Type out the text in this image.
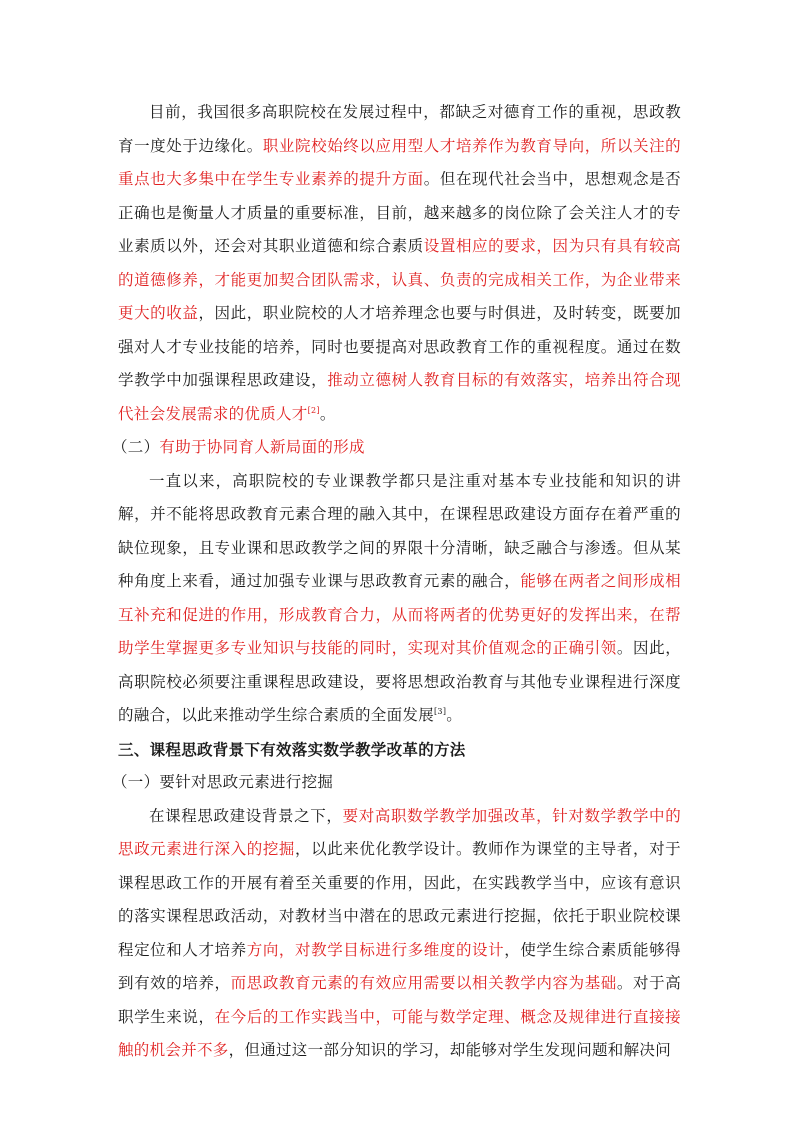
目前，我国很多高职院校在发展过程中，都缺乏对德育工作的重视，思政教育一度处于边缘化。职业院校始终以应用型人才培养作为教育导向，所以关注的重点也大多集中在学生专业素养的提升方面。但在现代社会当中，思想观念是否正确也是衡量人才质量的重要标准，目前，越来越多的岗位除了会关注人才的专业素质以外，还会对其职业道德和综合素质设置相应的要求，因为只有具有较高的道德修养，才能更加契合团队需求，认真、负责的完成相关工作，为企业带来更大的收益，因此，职业院校的人才培养理念也要与时俱进，及时转变，既要加强对人才专业技能的培养，同时也要提高对思政教育工作的重视程度。通过在数学教学中加强课程思政建设，推动立德树人教育目标的有效落实，培养出符合现代社会发展需求的优质人才[2]。

（二）有助于协同育人新局面的形成

一直以来，高职院校的专业课教学都只是注重对基本专业技能和知识的讲解，并不能将思政教育元素合理的融入其中，在课程思政建设方面存在着严重的缺位现象，且专业课和思政教学之间的界限十分清晰，缺乏融合与渗透。但从某种角度上来看，通过加强专业课与思政教育元素的融合，能够在两者之间形成相互补充和促进的作用，形成教育合力，从而将两者的优势更好的发挥出来，在帮助学生掌握更多专业知识与技能的同时，实现对其价值观念的正确引领。因此，高职院校必须要注重课程思政建设，要将思想政治教育与其他专业课程进行深度的融合，以此来推动学生综合素质的全面发展[3]。

三、课程思政背景下有效落实数学教学改革的方法

（一）要针对思政元素进行挖掘

在课程思政建设背景之下，要对高职数学教学加强改革，针对数学教学中的思政元素进行深入的挖掘，以此来优化教学设计。教师作为课堂的主导者，对于课程思政工作的开展有着至关重要的作用，因此，在实践教学当中，应该有意识的落实课程思政活动，对教材当中潜在的思政元素进行挖掘，依托于职业院校课程定位和人才培养方向，对教学目标进行多维度的设计，使学生综合素质能够得到有效的培养，而思政教育元素的有效应用需要以相关教学内容为基础。对于高职学生来说，在今后的工作实践当中，可能与数学定理、概念及规律进行直接接触的机会并不多，但通过这一部分知识的学习，却能够对学生发现问题和解决问
